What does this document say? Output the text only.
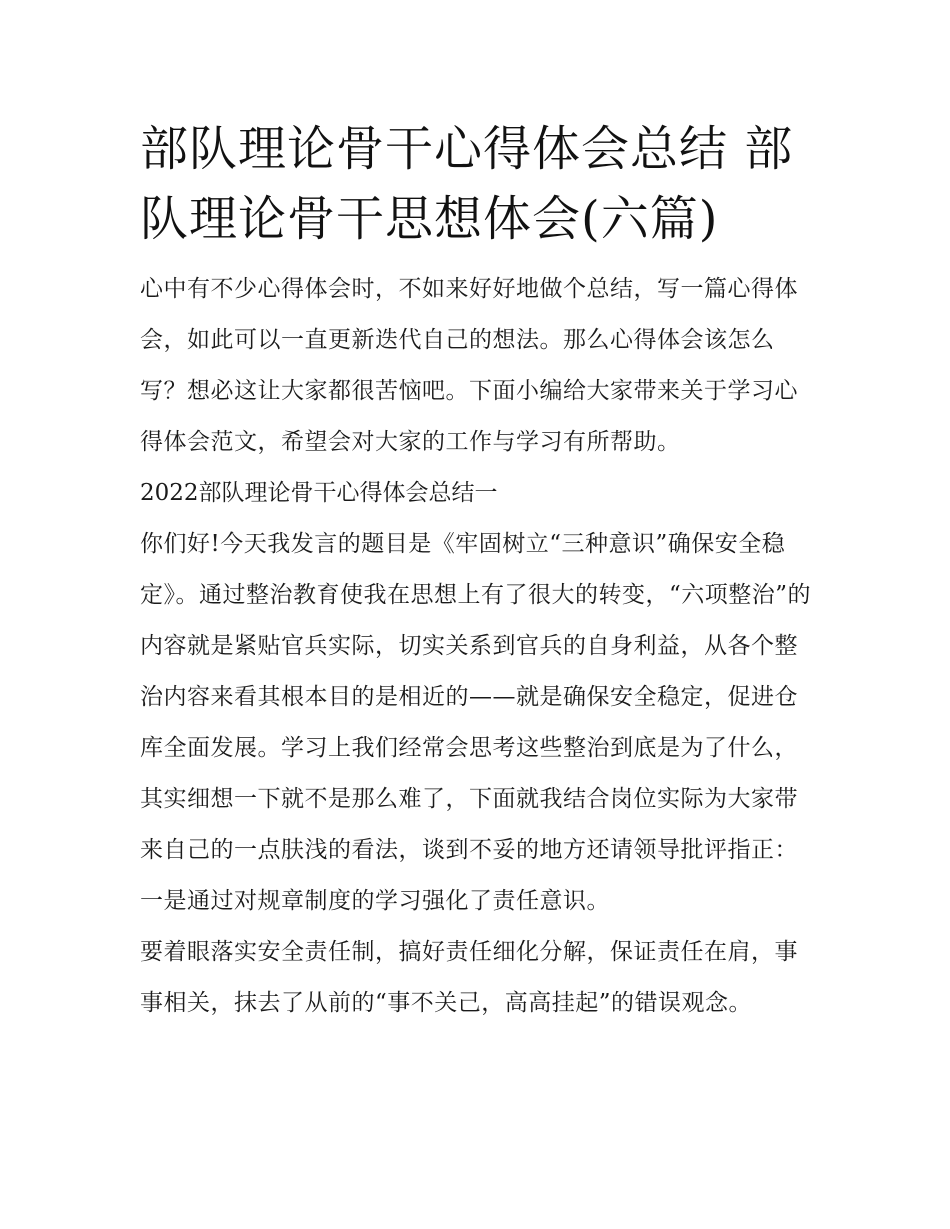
部队理论骨干心得体会总结 部队理论骨干思想体会(六篇)

心中有不少心得体会时，不如来好好地做个总结，写一篇心得体会，如此可以一直更新迭代自己的想法。那么心得体会该怎么写？想必这让大家都很苦恼吧。下面小编给大家带来关于学习心得体会范文，希望会对大家的工作与学习有所帮助。

2022部队理论骨干心得体会总结一

你们好!今天我发言的题目是《牢固树立“三种意识”确保安全稳定》。通过整治教育使我在思想上有了很大的转变，“六项整治”的内容就是紧贴官兵实际，切实关系到官兵的自身利益，从各个整治内容来看其根本目的是相近的——就是确保安全稳定，促进仓库全面发展。学习上我们经常会思考这些整治到底是为了什么，其实细想一下就不是那么难了，下面就我结合岗位实际为大家带来自己的一点肤浅的看法，谈到不妥的地方还请领导批评指正：

一是通过对规章制度的学习强化了责任意识。

要着眼落实安全责任制，搞好责任细化分解，保证责任在肩，事事相关，抹去了从前的“事不关己，高高挂起”的错误观念。
